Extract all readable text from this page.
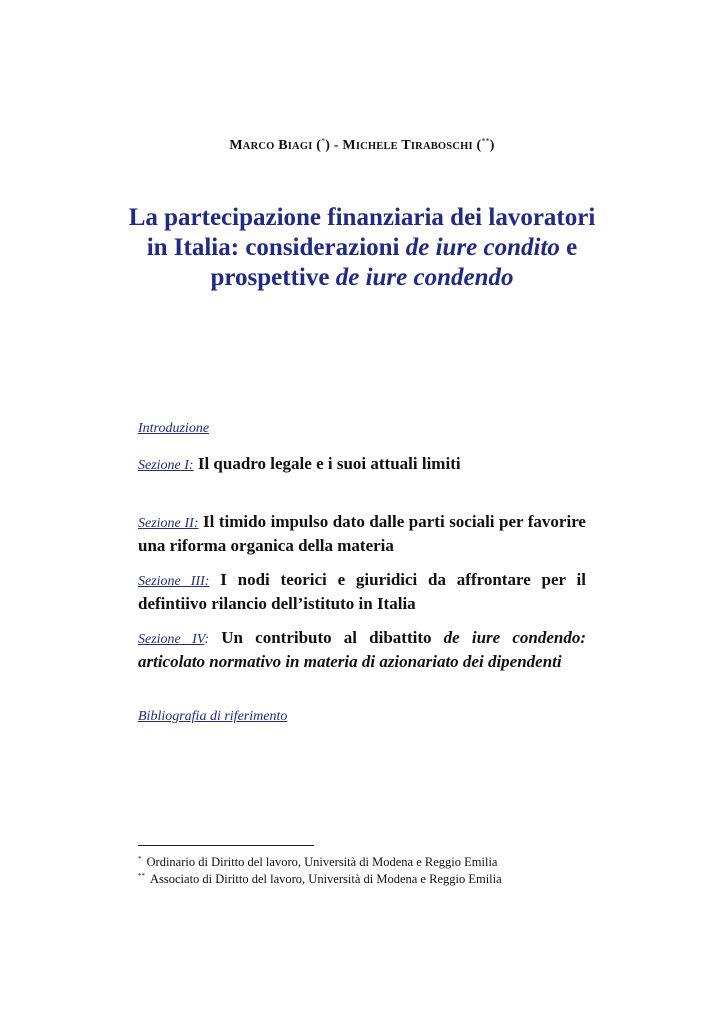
MARCO BIAGI (*) - MICHELE TIRABOSCHI (**)
La partecipazione finanziaria dei lavoratori
in Italia: considerazioni de iure condito e
prospettive de iure condendo
Introduzione
Sezione I: Il quadro legale e i suoi attuali limiti
Sezione II: Il timido impulso dato dalle parti sociali per favorire una riforma organica della materia
Sezione III: I nodi teorici e giuridici da affrontare per il defintiivo rilancio dell’istituto in Italia
Sezione IV: Un contributo al dibattito de iure condendo: articolato normativo in materia di azionariato dei dipendenti
Bibliografia di riferimento
* Ordinario di Diritto del lavoro, Università di Modena e Reggio Emilia
** Associato di Diritto del lavoro, Università di Modena e Reggio Emilia
